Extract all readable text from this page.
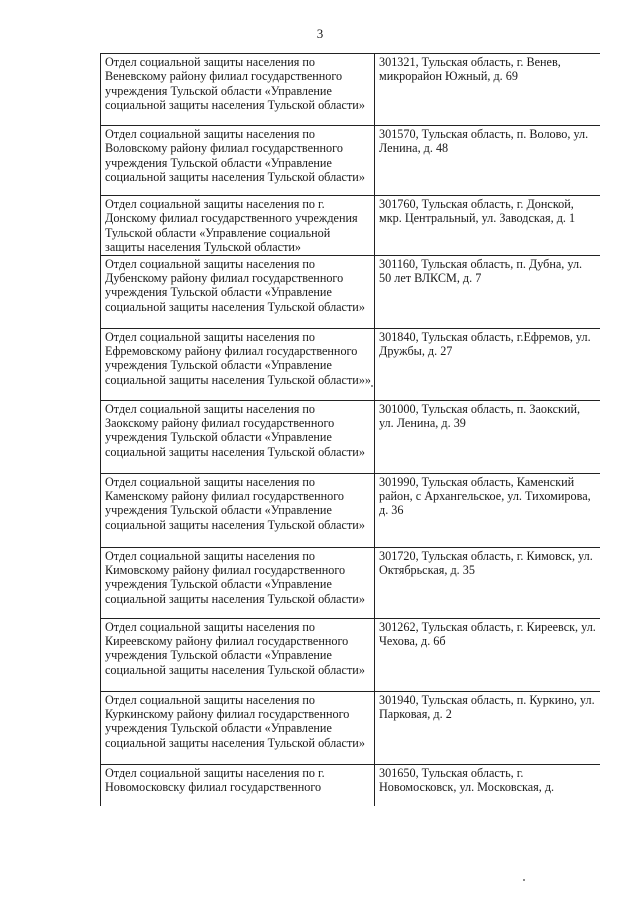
3
Отдел социальной защиты населения по Веневскому району филиал государственного учреждения Тульской области «Управление социальной защиты населения Тульской области»	301321, Тульская область, г. Венев, микрорайон Южный, д. 69
Отдел социальной защиты населения по Воловскому району филиал государственного учреждения Тульской области «Управление социальной защиты населения Тульской области»	301570, Тульская область, п. Волово, ул. Ленина, д. 48
Отдел социальной защиты населения по г. Донскому филиал государственного учреждения Тульской области «Управление социальной защиты населения Тульской области»	301760, Тульская область, г. Донской, мкр. Центральный, ул. Заводская, д. 1
Отдел социальной защиты населения по Дубенскому району филиал государственного учреждения Тульской области «Управление социальной защиты населения Тульской области»	301160, Тульская область, п. Дубна, ул. 50 лет ВЛКСМ, д. 7
Отдел социальной защиты населения по Ефремовскому району филиал государственного учреждения Тульской области «Управление социальной защиты населения Тульской области»»	301840, Тульская область, г.Ефремов, ул. Дружбы, д. 27
Отдел социальной защиты населения по Заокскому району филиал государственного учреждения Тульской области «Управление социальной защиты населения Тульской области»	301000, Тульская область, п. Заокский, ул. Ленина, д. 39
Отдел социальной защиты населения по Каменскому району филиал государственного учреждения Тульской области «Управление социальной защиты населения Тульской области»	301990, Тульская область, Каменский район, с Архангельское, ул. Тихомирова, д. 36
Отдел социальной защиты населения по Кимовскому району филиал государственного учреждения Тульской области «Управление социальной защиты населения Тульской области»	301720, Тульская область, г. Кимовск, ул. Октябрьская, д. 35
Отдел социальной защиты населения по Киреевскому району филиал государственного учреждения Тульской области «Управление социальной защиты населения Тульской области»	301262, Тульская область, г. Киреевск, ул. Чехова, д. 6б
Отдел социальной защиты населения по Куркинскому району филиал государственного учреждения Тульской области «Управление социальной защиты населения Тульской области»	301940, Тульская область, п. Куркино, ул. Парковая, д. 2
Отдел социальной защиты населения по г. Новомосковску филиал государственного	301650, Тульская область, г. Новомосковск, ул. Московская, д.
